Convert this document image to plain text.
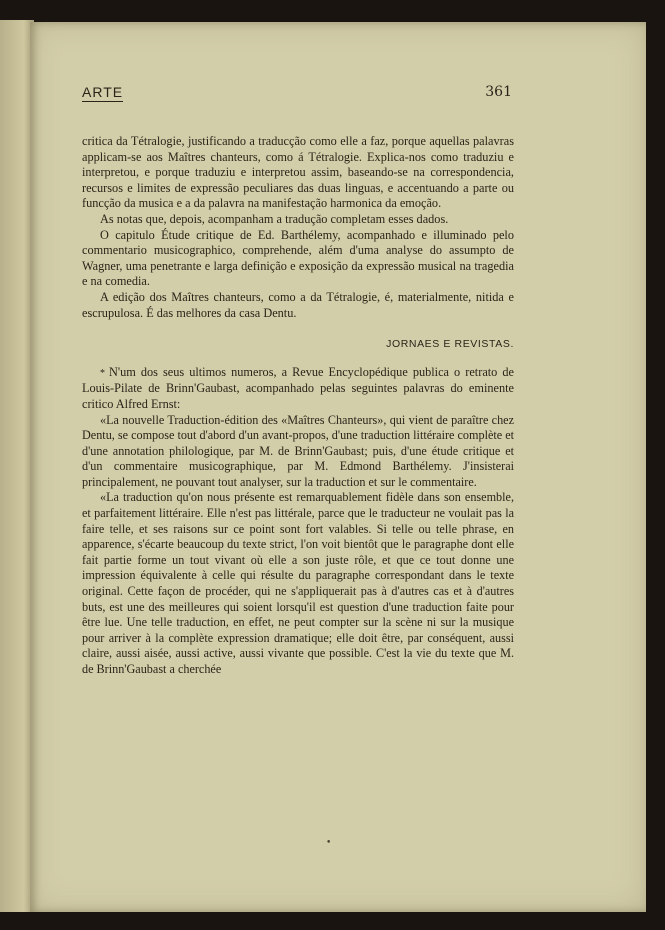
ARTE	361

critica da Tétralogie, justificando a traducção como elle a faz, porque aquellas palavras applicam-se aos Maîtres chanteurs, como á Tétralogie. Explica-nos como traduziu e interpretou, e porque traduziu e interpretou assim, baseando-se na correspondencia, recursos e limites de expressão peculiares das duas linguas, e accentuando a parte ou funcção da musica e a da palavra na manifestação harmonica da emoção.

As notas que, depois, acompanham a tradução completam esses dados.

O capitulo Étude critique de Ed. Barthélemy, acompanhado e illuminado pelo commentario musicographico, comprehende, além d'uma analyse do assumpto de Wagner, uma penetrante e larga definição e exposição da expressão musical na tragedia e na comedia.

A edição dos Maîtres chanteurs, como a da Tétralogie, é, materialmente, nitida e escrupulosa. É das melhores da casa Dentu.

JORNAES E REVISTAS.

* N'um dos seus ultimos numeros, a Revue Encyclopédique publica o retrato de Louis-Pilate de Brinn'Gaubast, acompanhado pelas seguintes palavras do eminente critico Alfred Ernst:

«La nouvelle Traduction-édition des «Maîtres Chanteurs», qui vient de paraître chez Dentu, se compose tout d'abord d'un avant-propos, d'une traduction littéraire complète et d'une annotation philologique, par M. de Brinn'Gaubast; puis, d'une étude critique et d'un commentaire musicographique, par M. Edmond Barthélemy. J'insisterai principalement, ne pouvant tout analyser, sur la traduction et sur le commentaire.

«La traduction qu'on nous présente est remarquablement fidèle dans son ensemble, et parfaitement littéraire. Elle n'est pas littérale, parce que le traducteur ne voulait pas la faire telle, et ses raisons sur ce point sont fort valables. Si telle ou telle phrase, en apparence, s'écarte beaucoup du texte strict, l'on voit bientôt que le paragraphe dont elle fait partie forme un tout vivant où elle a son juste rôle, et que ce tout donne une impression équivalente à celle qui résulte du paragraphe correspondant dans le texte original. Cette façon de procéder, qui ne s'appliquerait pas à d'autres cas et à d'autres buts, est une des meilleures qui soient lorsqu'il est question d'une traduction faite pour être lue. Une telle traduction, en effet, ne peut compter sur la scène ni sur la musique pour arriver à la complète expression dramatique; elle doit être, par conséquent, aussi claire, aussi aisée, aussi active, aussi vivante que possible. C'est la vie du texte que M. de Brinn'Gaubast a cherchée

•
